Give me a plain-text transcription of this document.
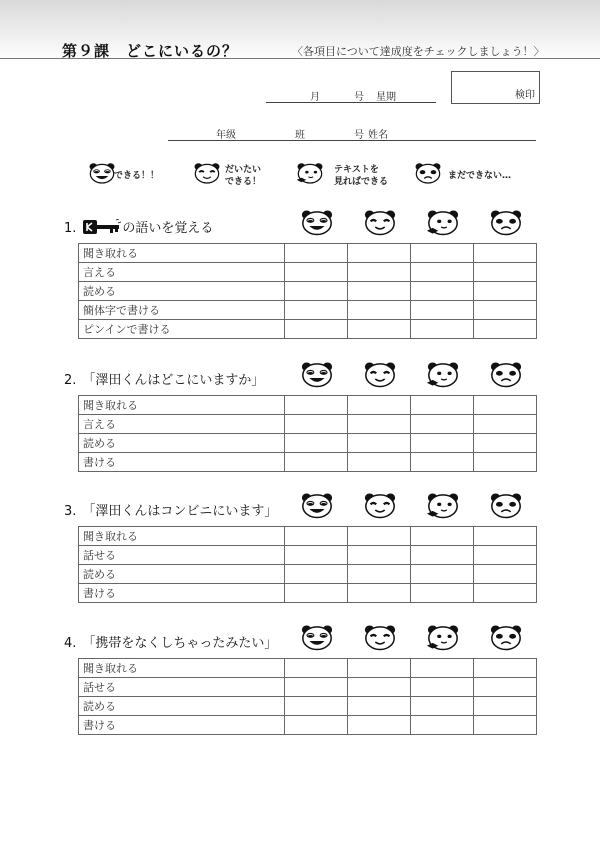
第９課　どこにいるの？	〈各項目について達成度をチェックしましょう！〉
月	号 星期	検印
年级	班	号 姓名
できる！！
だいたい
できる！
テキストを
見ればできる
まだできない…
1.	の語いを覚える
聞き取れる				
言える				
読める				
簡体字で書ける				
ピンインで書ける				
2. 「澤田くんはどこにいますか」
聞き取れる				
言える				
読める				
書ける				
3. 「澤田くんはコンビニにいます」
聞き取れる				
話せる				
読める				
書ける				
4. 「携帯をなくしちゃったみたい」
聞き取れる				
話せる				
読める				
書ける				
